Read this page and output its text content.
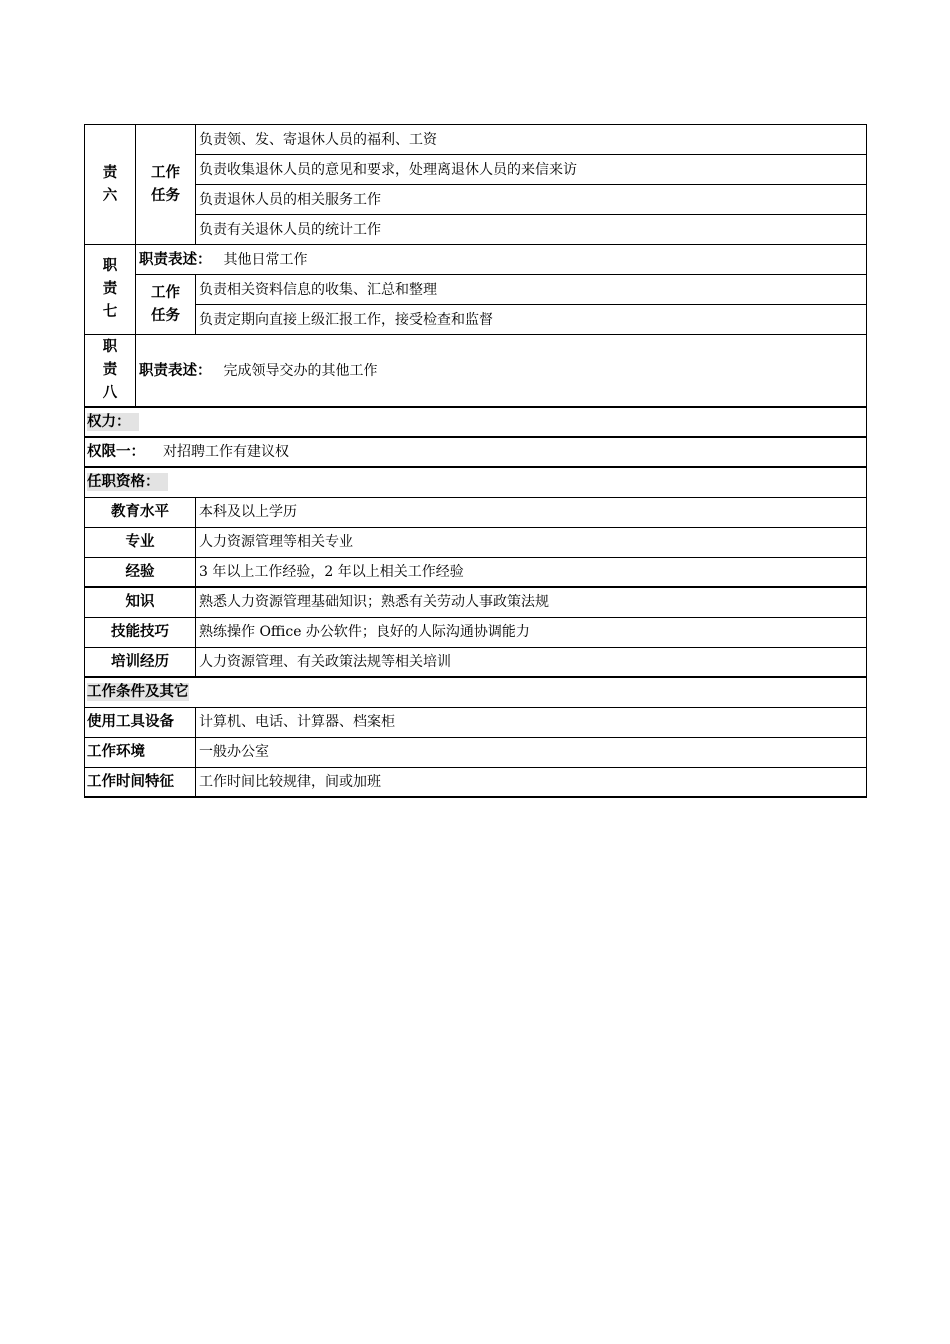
责
六	工作
任务	负责领、发、寄退休人员的福利、工资
		负责收集退休人员的意见和要求，处理离退休人员的来信来访
		负责退休人员的相关服务工作
		负责有关退休人员的统计工作
职
责
七	职责表述： 其他日常工作	
	工作
任务	负责相关资料信息的收集、汇总和整理
		负责定期向直接上级汇报工作，接受检查和监督
职
责
八	职责表述： 完成领导交办的其他工作	
权力：	
权限一： 对招聘工作有建议权	
任职资格：	
教育水平	本科及以上学历
专业	人力资源管理等相关专业
经验	3 年以上工作经验，2 年以上相关工作经验
知识	熟悉人力资源管理基础知识；熟悉有关劳动人事政策法规
技能技巧	熟练操作 Office 办公软件；良好的人际沟通协调能力
培训经历	人力资源管理、有关政策法规等相关培训
工作条件及其它	
使用工具设备	计算机、电话、计算器、档案柜
工作环境	一般办公室
工作时间特征	工作时间比较规律，间或加班
